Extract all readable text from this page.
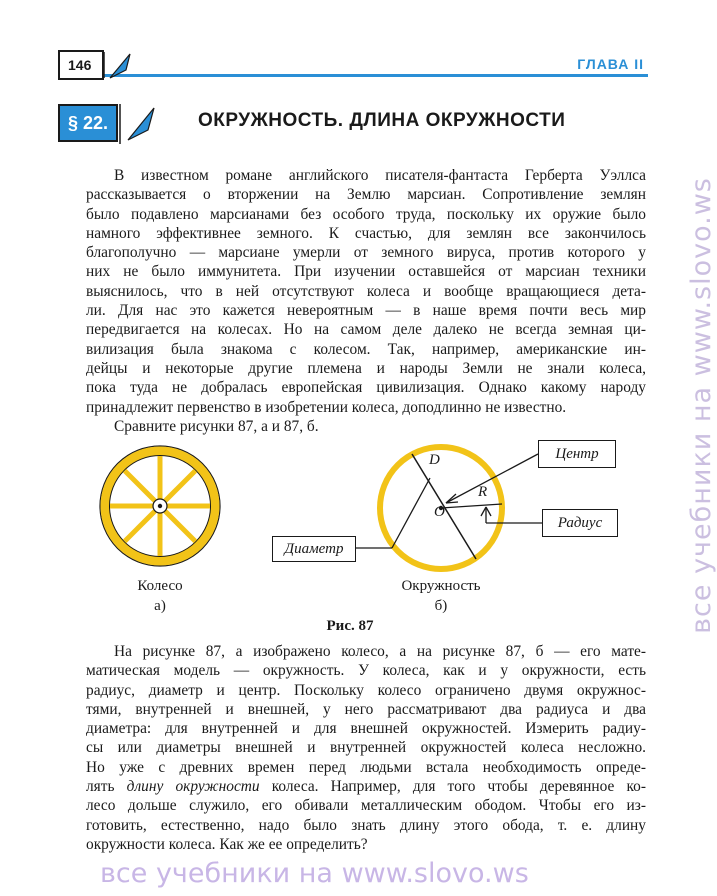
146	ГЛАВА II
§ 22.	ОКРУЖНОСТЬ. ДЛИНА ОКРУЖНОСТИ
В известном романе английского писателя-фантаста Герберта Уэллса
рассказывается о вторжении на Землю марсиан. Сопротивление землян
было подавлено марсианами без особого труда, поскольку их оружие было
намного эффективнее земного. К счастью, для землян все закончилось
благополучно — марсиане умерли от земного вируса, против которого у
них не было иммунитета. При изучении оставшейся от марсиан техники
выяснилось, что в ней отсутствуют колеса и вообще вращающиеся дета-
ли. Для нас это кажется невероятным — в наше время почти весь мир
передвигается на колесах. Но на самом деле далеко не всегда земная ци-
вилизация была знакома с колесом. Так, например, американские ин-
дейцы и некоторые другие племена и народы Земли не знали колеса,
пока туда не добралась европейская цивилизация. Однако какому народу
принадлежит первенство в изобретении колеса, доподлинно не известно.
Сравните рисунки 87, а и 87, б.
Колесо
а)
D
O
R
Центр
Радиус
Диаметр
Окружность
б)
Рис. 87
На рисунке 87, а изображено колесо, а на рисунке 87, б — его мате-
матическая модель — окружность. У колеса, как и у окружности, есть
радиус, диаметр и центр. Поскольку колесо ограничено двумя окружнос-
тями, внутренней и внешней, у него рассматривают два радиуса и два
диаметра: для внутренней и для внешней окружностей. Измерить радиу-
сы или диаметры внешней и внутренней окружностей колеса несложно.
Но уже с древних времен перед людьми встала необходимость опреде-
лять длину окружности колеса. Например, для того чтобы деревянное ко-
лесо дольше служило, его обивали металлическим ободом. Чтобы его из-
готовить, естественно, надо было знать длину этого обода, т. е. длину
окружности колеса. Как же ее определить?
все учебники на www.slovo.ws
все учебники на www.slovo.ws
